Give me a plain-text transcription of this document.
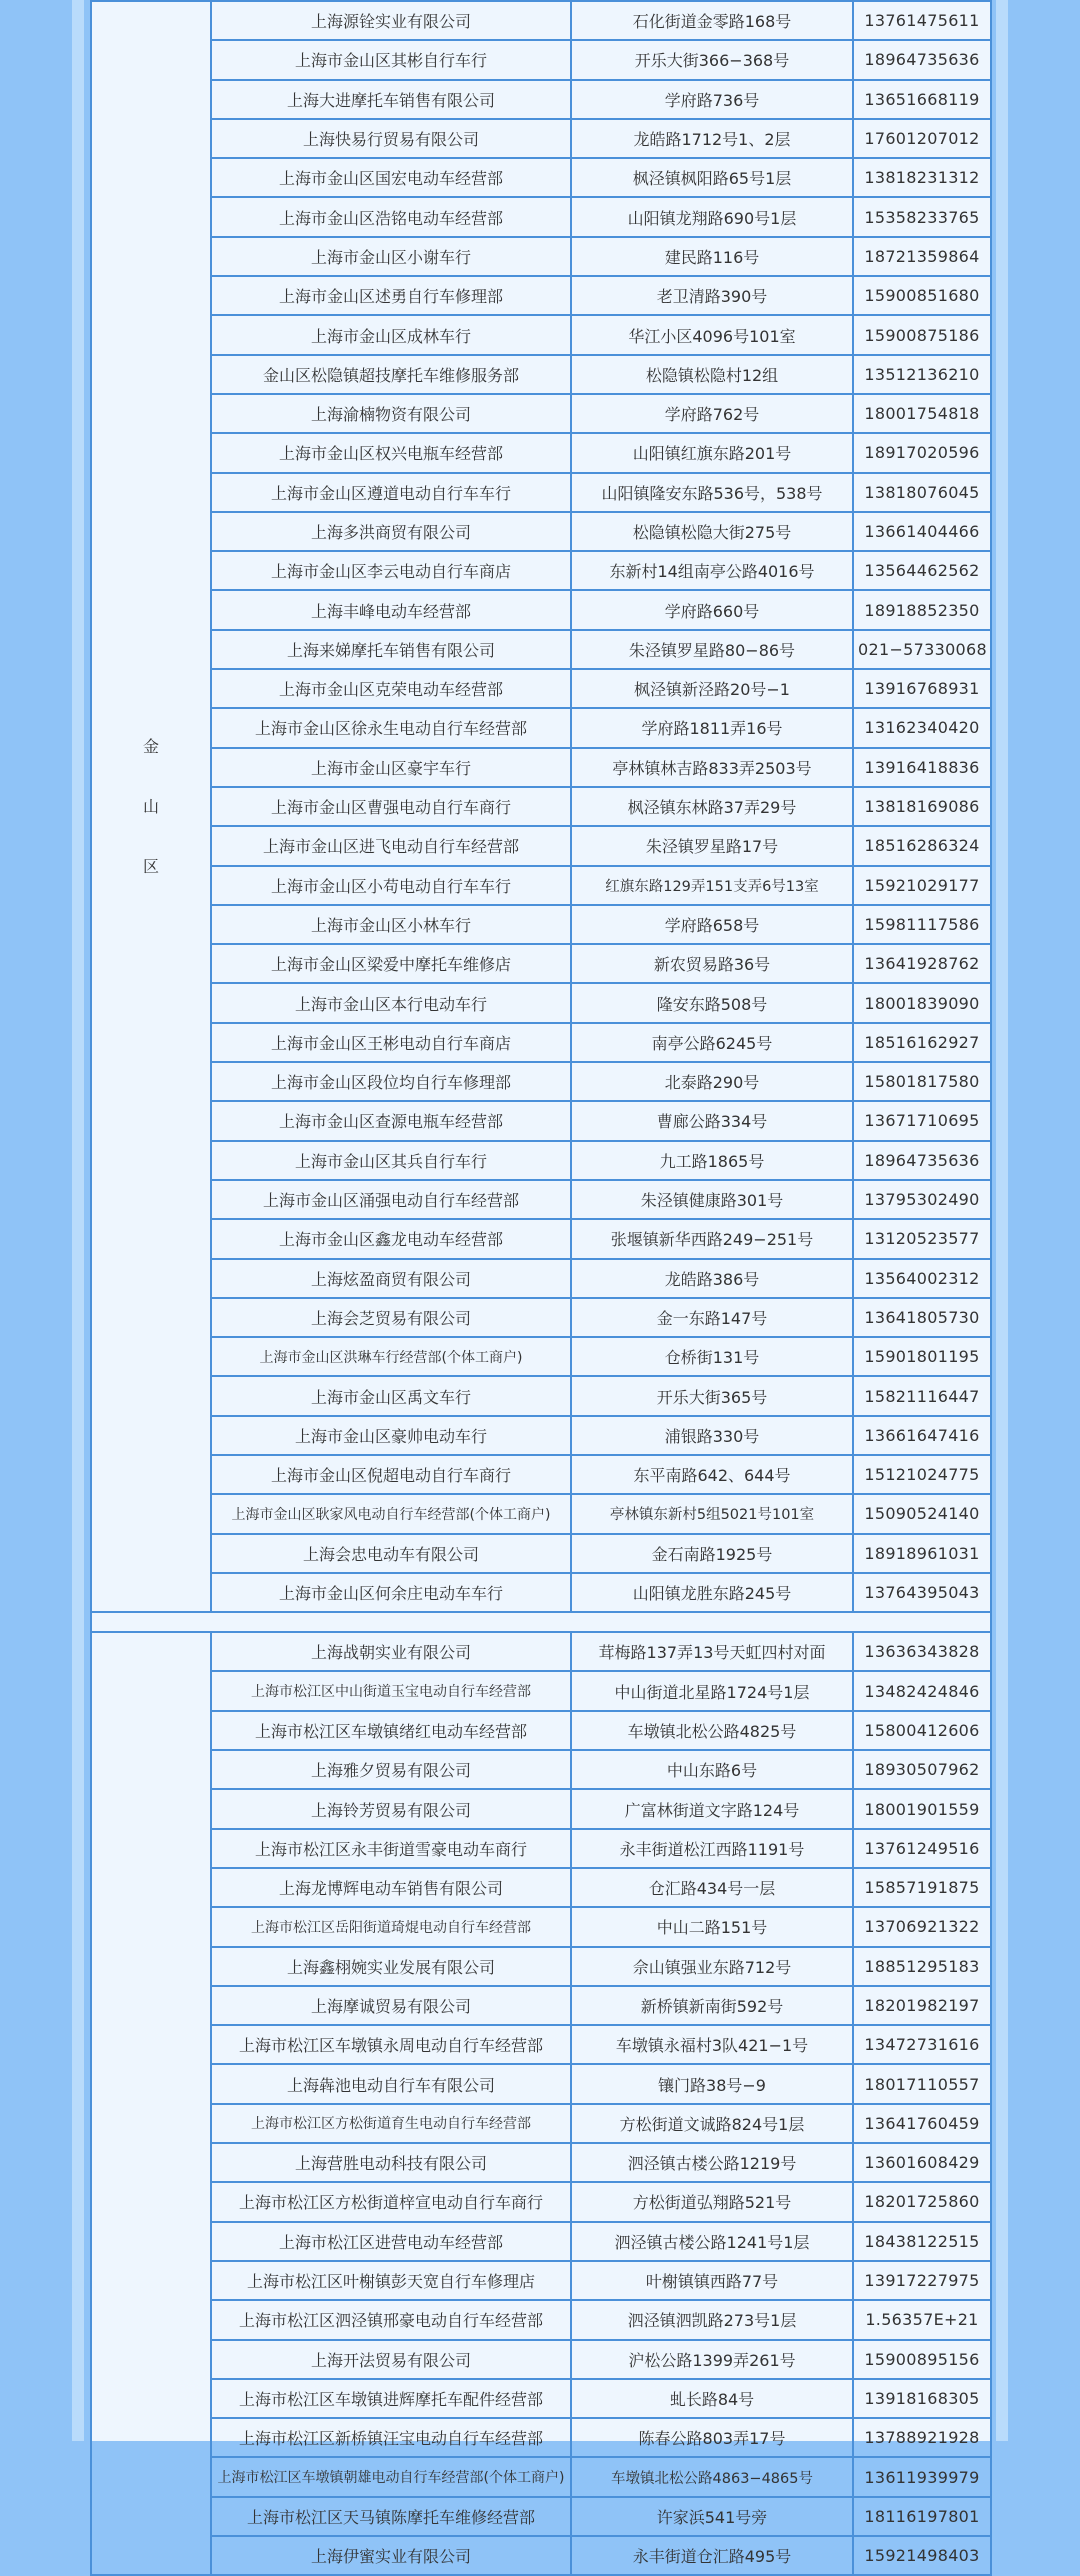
金
山
区	上海源铨实业有限公司	石化街道金零路168号	13761475611
	上海市金山区其彬自行车行	开乐大街366−368号	18964735636
	上海大进摩托车销售有限公司	学府路736号	13651668119
	上海快易行贸易有限公司	龙皓路1712号1、2层	17601207012
	上海市金山区国宏电动车经营部	枫泾镇枫阳路65号1层	13818231312
	上海市金山区浩铭电动车经营部	山阳镇龙翔路690号1层	15358233765
	上海市金山区小谢车行	建民路116号	18721359864
	上海市金山区述勇自行车修理部	老卫清路390号	15900851680
	上海市金山区成林车行	华江小区4096号101室	15900875186
	金山区松隐镇超技摩托车维修服务部	松隐镇松隐村12组	13512136210
	上海渝楠物资有限公司	学府路762号	18001754818
	上海市金山区权兴电瓶车经营部	山阳镇红旗东路201号	18917020596
	上海市金山区遵道电动自行车车行	山阳镇隆安东路536号，538号	13818076045
	上海多洪商贸有限公司	松隐镇松隐大街275号	13661404466
	上海市金山区李云电动自行车商店	东新村14组南亭公路4016号	13564462562
	上海丰峰电动车经营部	学府路660号	18918852350
	上海来娣摩托车销售有限公司	朱泾镇罗星路80−86号	021−57330068
	上海市金山区克荣电动车经营部	枫泾镇新泾路20号−1	13916768931
	上海市金山区徐永生电动自行车经营部	学府路1811弄16号	13162340420
	上海市金山区豪宇车行	亭林镇林吉路833弄2503号	13916418836
	上海市金山区曹强电动自行车商行	枫泾镇东林路37弄29号	13818169086
	上海市金山区进飞电动自行车经营部	朱泾镇罗星路17号	18516286324
	上海市金山区小苟电动自行车车行	红旗东路129弄151支弄6号13室	15921029177
	上海市金山区小林车行	学府路658号	15981117586
	上海市金山区梁爱中摩托车维修店	新农贸易路36号	13641928762
	上海市金山区本行电动车行	隆安东路508号	18001839090
	上海市金山区王彬电动自行车商店	南亭公路6245号	18516162927
	上海市金山区段位均自行车修理部	北泰路290号	15801817580
	上海市金山区查源电瓶车经营部	曹廊公路334号	13671710695
	上海市金山区其兵自行车行	九工路1865号	18964735636
	上海市金山区涌强电动自行车经营部	朱泾镇健康路301号	13795302490
	上海市金山区鑫龙电动车经营部	张堰镇新华西路249−251号	13120523577
	上海炫盈商贸有限公司	龙皓路386号	13564002312
	上海会芝贸易有限公司	金一东路147号	13641805730
	上海市金山区洪琳车行经营部(个体工商户)	仓桥街131号	15901801195
	上海市金山区禹文车行	开乐大街365号	15821116447
	上海市金山区豪帅电动车行	浦银路330号	13661647416
	上海市金山区倪超电动自行车商行	东平南路642、644号	15121024775
	上海市金山区耿家风电动自行车经营部(个体工商户)	亭林镇东新村5组5021号101室	15090524140
	上海会忠电动车有限公司	金石南路1925号	18918961031
	上海市金山区何余庄电动车车行	山阳镇龙胜东路245号	13764395043

	上海战朝实业有限公司	茸梅路137弄13号天虹四村对面	13636343828
	上海市松江区中山街道玉宝电动自行车经营部	中山街道北星路1724号1层	13482424846
	上海市松江区车墩镇绪红电动车经营部	车墩镇北松公路4825号	15800412606
	上海雅夕贸易有限公司	中山东路6号	18930507962
	上海铃芳贸易有限公司	广富林街道文字路124号	18001901559
	上海市松江区永丰街道雪豪电动车商行	永丰街道松江西路1191号	13761249516
	上海龙博辉电动车销售有限公司	仓汇路434号一层	15857191875
	上海市松江区岳阳街道琦焜电动自行车经营部	中山二路151号	13706921322
	上海鑫栩婉实业发展有限公司	佘山镇强业东路712号	18851295183
	上海摩诚贸易有限公司	新桥镇新南街592号	18201982197
	上海市松江区车墩镇永周电动自行车经营部	车墩镇永福村3队421−1号	13472731616
	上海犇池电动自行车有限公司	镶门路38号−9	18017110557
	上海市松江区方松街道育生电动自行车经营部	方松街道文诚路824号1层	13641760459
	上海营胜电动科技有限公司	泗泾镇古楼公路1219号	13601608429
	上海市松江区方松街道梓宣电动自行车商行	方松街道弘翔路521号	18201725860
	上海市松江区进营电动车经营部	泗泾镇古楼公路1241号1层	18438122515
	上海市松江区叶榭镇彭天宽自行车修理店	叶榭镇镇西路77号	13917227975
	上海市松江区泗泾镇邢豪电动自行车经营部	泗泾镇泗凯路273号1层	1.56357E+21
	上海开法贸易有限公司	沪松公路1399弄261号	15900895156
	上海市松江区车墩镇进辉摩托车配件经营部	虬长路84号	13918168305
	上海市松江区新桥镇汪宝电动自行车经营部	陈春公路803弄17号	13788921928
	上海市松江区车墩镇朝雄电动自行车经营部(个体工商户)	车墩镇北松公路4863−4865号	13611939979
	上海市松江区天马镇陈摩托车维修经营部	许家浜541号旁	18116197801
	上海伊蜜实业有限公司	永丰街道仓汇路495号	15921498403
